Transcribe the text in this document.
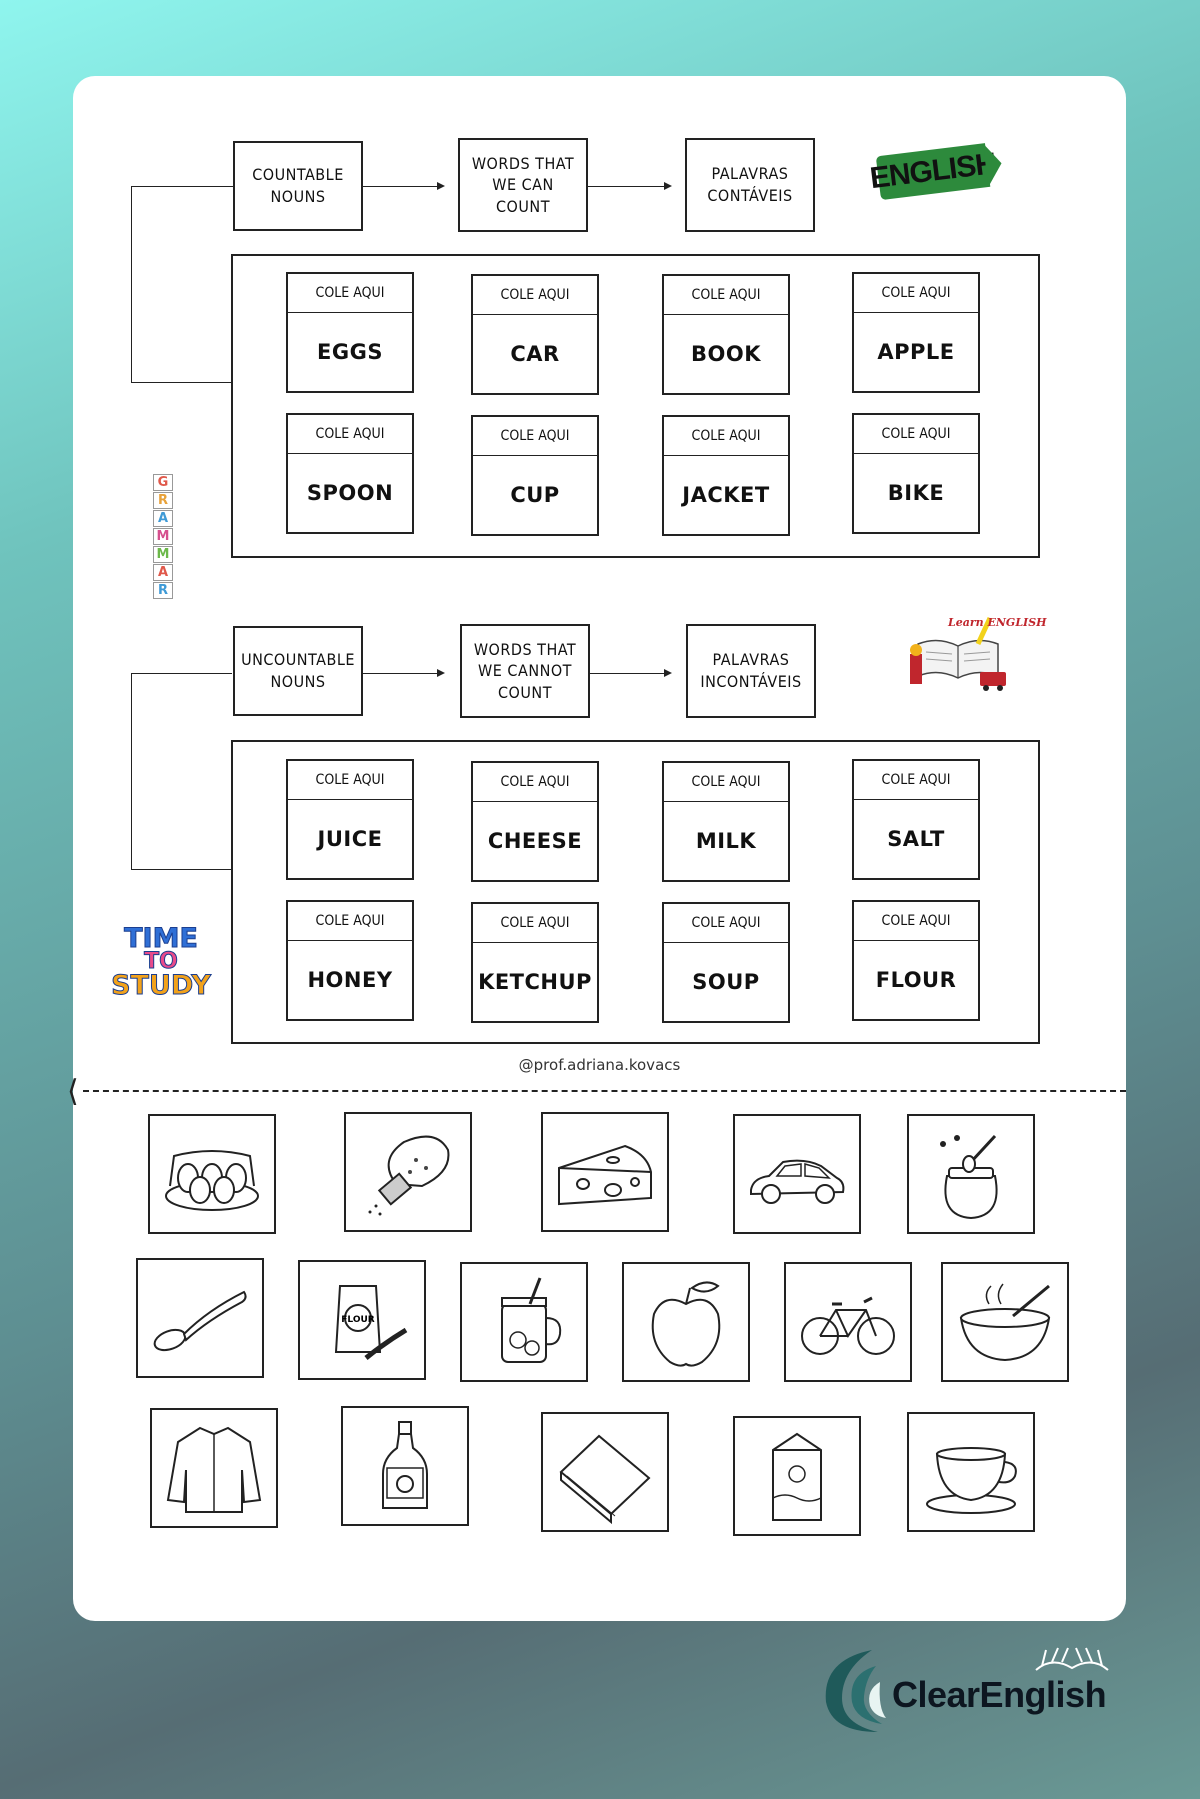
ENGLISH
COUNTABLE NOUNS
WORDS THAT WE CAN COUNT
PALAVRAS CONTÁVEIS
COLE AQUI
EGGS
COLE AQUI
CAR
COLE AQUI
BOOK
COLE AQUI
APPLE
COLE AQUI
SPOON
COLE AQUI
CUP
COLE AQUI
JACKET
COLE AQUI
BIKE
G
R
A
M
M
A
R
Learn ENGLISH
UNCOUNTABLE NOUNS
WORDS THAT WE CANNOT COUNT
PALAVRAS INCONTÁVEIS
COLE AQUI
JUICE
COLE AQUI
CHEESE
COLE AQUI
MILK
COLE AQUI
SALT
COLE AQUI
HONEY
COLE AQUI
KETCHUP
COLE AQUI
SOUP
COLE AQUI
FLOUR
TIME
TO
STUDY
@prof.adriana.kovacs
⟨
FLOUR
ClearEnglish
